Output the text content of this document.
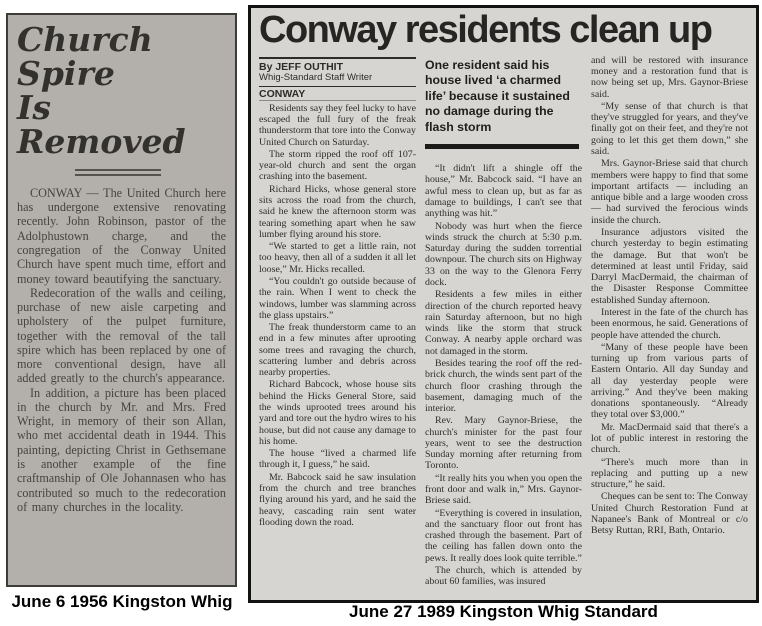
Church Spire
Is Removed

CONWAY — The United Church here has undergone extensive renovating recently. John Robinson, pastor of the Adolphustown charge, and the congregation of the Conway United Church have spent much time, effort and money toward beautifying the sanctuary.

Redecoration of the walls and ceiling, purchase of new aisle carpeting and upholstery of the pulpet furniture, together with the removal of the tall spire which has been replaced by one of more conventional design, have all added greatly to the church's appearance.

In addition, a picture has been placed in the church by Mr. and Mrs. Fred Wright, in memory of their son Allan, who met accidental death in 1944. This painting, depicting Christ in Gethsemane is another example of the fine craftmanship of Ole Johannasen who has contributed so much to the redecoration of many churches in the locality.

June 6 1956 Kingston Whig
Conway residents clean up
By JEFF OUTHIT
Whig-Standard Staff Writer
CONWAY

Residents say they feel lucky to have escaped the full fury of the freak thunderstorm that tore into the Conway United Church on Saturday.

The storm ripped the roof off 107-year-old church and sent the organ crashing into the basement.

Richard Hicks, whose general store sits across the road from the church, said he knew the afternoon storm was tearing something apart when he saw lumber flying around his store.

“We started to get a little rain, not too heavy, then all of a sudden it all let loose,” Mr. Hicks recalled.

“You couldn't go outside because of the rain. When I went to check the windows, lumber was slamming across the glass upstairs.”

The freak thunderstorm came to an end in a few minutes after uprooting some trees and ravaging the church, scattering lumber and debris across nearby properties.

Richard Babcock, whose house sits behind the Hicks General Store, said the winds uprooted trees around his yard and tore out the hydro wires to his house, but did not cause any damage to his home.

The house “lived a charmed life through it, I guess,” he said.

Mr. Babcock said he saw insulation from the church and tree branches flying around his yard, and he said the heavy, cascading rain sent water flooding down the road.

One resident said his house lived ‘a charmed life’ because it sustained no damage during the flash storm

“It didn't lift a shingle off the house,” Mr. Babcock said. “I have an awful mess to clean up, but as far as damage to buildings, I can't see that anything was hit.”

Nobody was hurt when the fierce winds struck the church at 5:30 p.m. Saturday during the sudden torrential downpour. The church sits on Highway 33 on the way to the Glenora Ferry dock.

Residents a few miles in either direction of the church reported heavy rain Saturday afternoon, but no high winds like the storm that struck Conway. A nearby apple orchard was not damaged in the storm.

Besides tearing the roof off the red-brick church, the winds sent part of the church floor crashing through the basement, damaging much of the interior.

Rev. Mary Gaynor-Briese, the church's minister for the past four years, went to see the destruction Sunday morning after returning from Toronto.

“It really hits you when you open the front door and walk in,” Mrs. Gaynor-Briese said.

“Everything is covered in insulation, and the sanctuary floor out front has crashed through the basement. Part of the ceiling has fallen down onto the pews. It really does look quite terrible.”

The church, which is attended by about 60 families, was insured

and will be restored with insurance money and a restoration fund that is now being set up, Mrs. Gaynor-Briese said.

“My sense of that church is that they've struggled for years, and they've finally got on their feet, and they're not going to let this get them down,” she said.

Mrs. Gaynor-Briese said that church members were happy to find that some important artifacts — including an antique bible and a large wooden cross — had survived the ferocious winds inside the church.

Insurance adjustors visited the church yesterday to begin estimating the damage. But that won't be determined at least until Friday, said Darryl MacDermaid, the chairman of the Disaster Response Committee established Sunday afternoon.

Interest in the fate of the church has been enormous, he said. Generations of people have attended the church.

“Many of these people have been turning up from various parts of Eastern Ontario. All day Sunday and all day yesterday people were arriving.” And they've been making donations spontaneously. “Already they total over $3,000.”

Mr. MacDermaid said that there's a lot of public interest in restoring the church.

“There's much more than in replacing and putting up a new structure,” he said.

Cheques can be sent to: The Conway United Church Restoration Fund at Napanee's Bank of Montreal or c/o Betsy Ruttan, RRI, Bath, Ontario.

June 27 1989 Kingston Whig Standard
